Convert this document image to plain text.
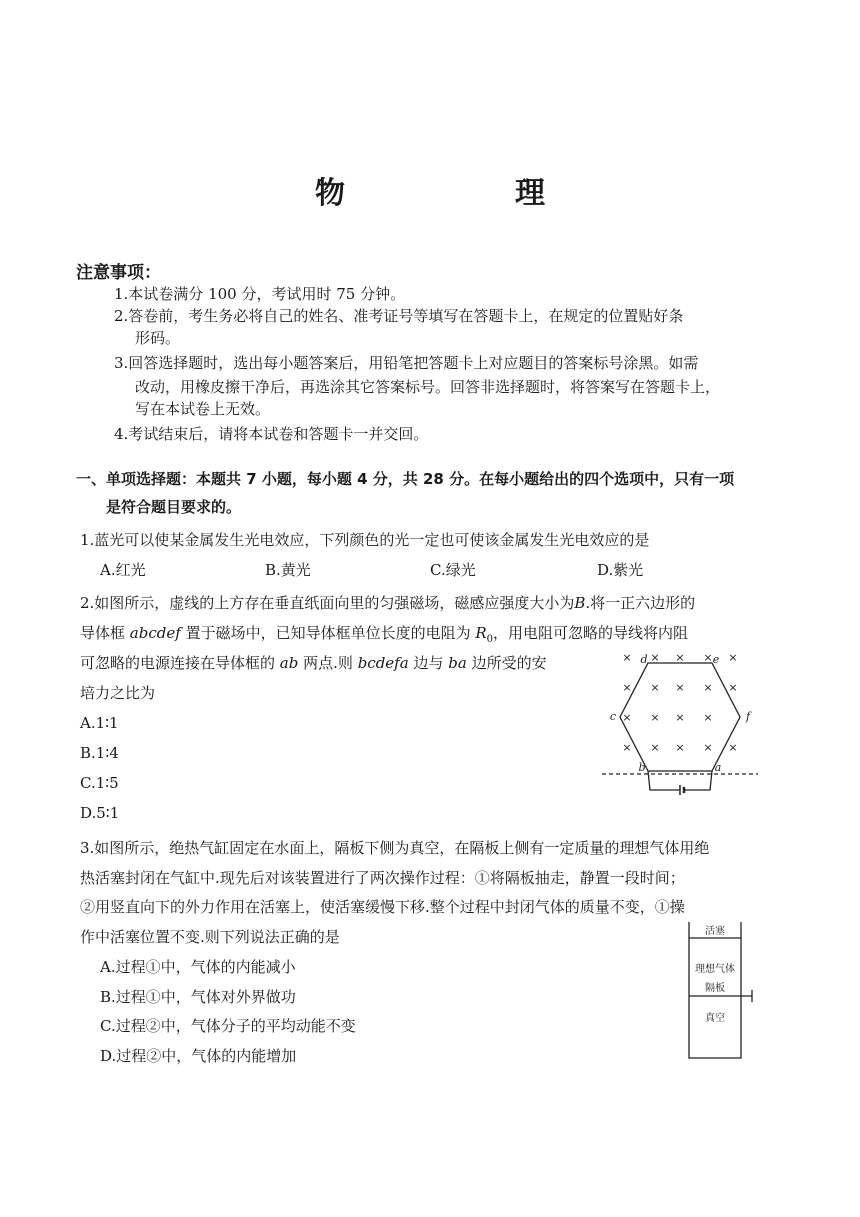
物　理
注意事项：
1.本试卷满分 100 分，考试用时 75 分钟。
2.答卷前，考生务必将自己的姓名、准考证号等填写在答题卡上，在规定的位置贴好条
形码。
3.回答选择题时，选出每小题答案后，用铅笔把答题卡上对应题目的答案标号涂黑。如需
改动，用橡皮擦干净后，再选涂其它答案标号。回答非选择题时，将答案写在答题卡上，
写在本试卷上无效。
4.考试结束后，请将本试卷和答题卡一并交回。
一、单项选择题：本题共 7 小题，每小题 4 分，共 28 分。在每小题给出的四个选项中，只有一项
是符合题目要求的。
1.蓝光可以使某金属发生光电效应，下列颜色的光一定也可使该金属发生光电效应的是
A.红光	B.黄光	C.绿光	D.紫光
2.如图所示，虚线的上方存在垂直纸面向里的匀强磁场，磁感应强度大小为B.将一正六边形的
导体框 abcdef 置于磁场中，已知导体框单位长度的电阻为 $R_0$，用电阻可忽略的导线将内阻
可忽略的电源连接在导体框的 ab 两点.则 bcdefa 边与 ba 边所受的安
培力之比为
A.1∶1
B.1∶4
C.1∶5
D.5∶1
×	× × ×
×
× × × × ×
× × × ×
× × × × ×
d	e
c	f
b	a
3.如图所示，绝热气缸固定在水面上，隔板下侧为真空，在隔板上侧有一定质量的理想气体用绝
热活塞封闭在气缸中.现先后对该装置进行了两次操作过程：①将隔板抽走，静置一段时间；
②用竖直向下的外力作用在活塞上，使活塞缓慢下移.整个过程中封闭气体的质量不变，①操
作中活塞位置不变.则下列说法正确的是
A.过程①中，气体的内能减小
B.过程①中，气体对外界做功
C.过程②中，气体分子的平均动能不变
D.过程②中，气体的内能增加
活塞
理想气体
隔板
真空
